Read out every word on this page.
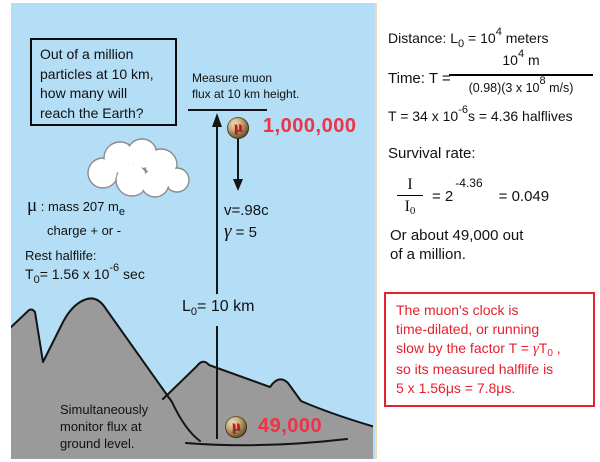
Out of a million
particles at 10 km,
how many will
reach the Earth?
Measure muon
flux at 10 km height.
μ 1,000,000
v=.98c
γ = 5
μ : mass 207 $m_e$
charge + or -
Rest halflife:
$T_0= 1.56$ x $10^{-6}$ sec
$L_0= 10$ km
Simultaneously
monitor flux at
ground level.
μ 49,000
Distance: $L_0 = 10^4$ meters
Time: T =
$\frac{10^4 m}{(0.98)(3 x 108 m/s)}$
T = 34 x $10^{-6}s = 4.36$ halflives
Survival rate:
$\frac{I}{I0} = 2$
-4.36
= 0.049
Or about 49,000 out
of a million.
The muon's clock is
time-dilated, or running
slow by the factor $T = \gamma T_0$ ,
so its measured halflife is
5 x 1.56μs = 7.8μs.
